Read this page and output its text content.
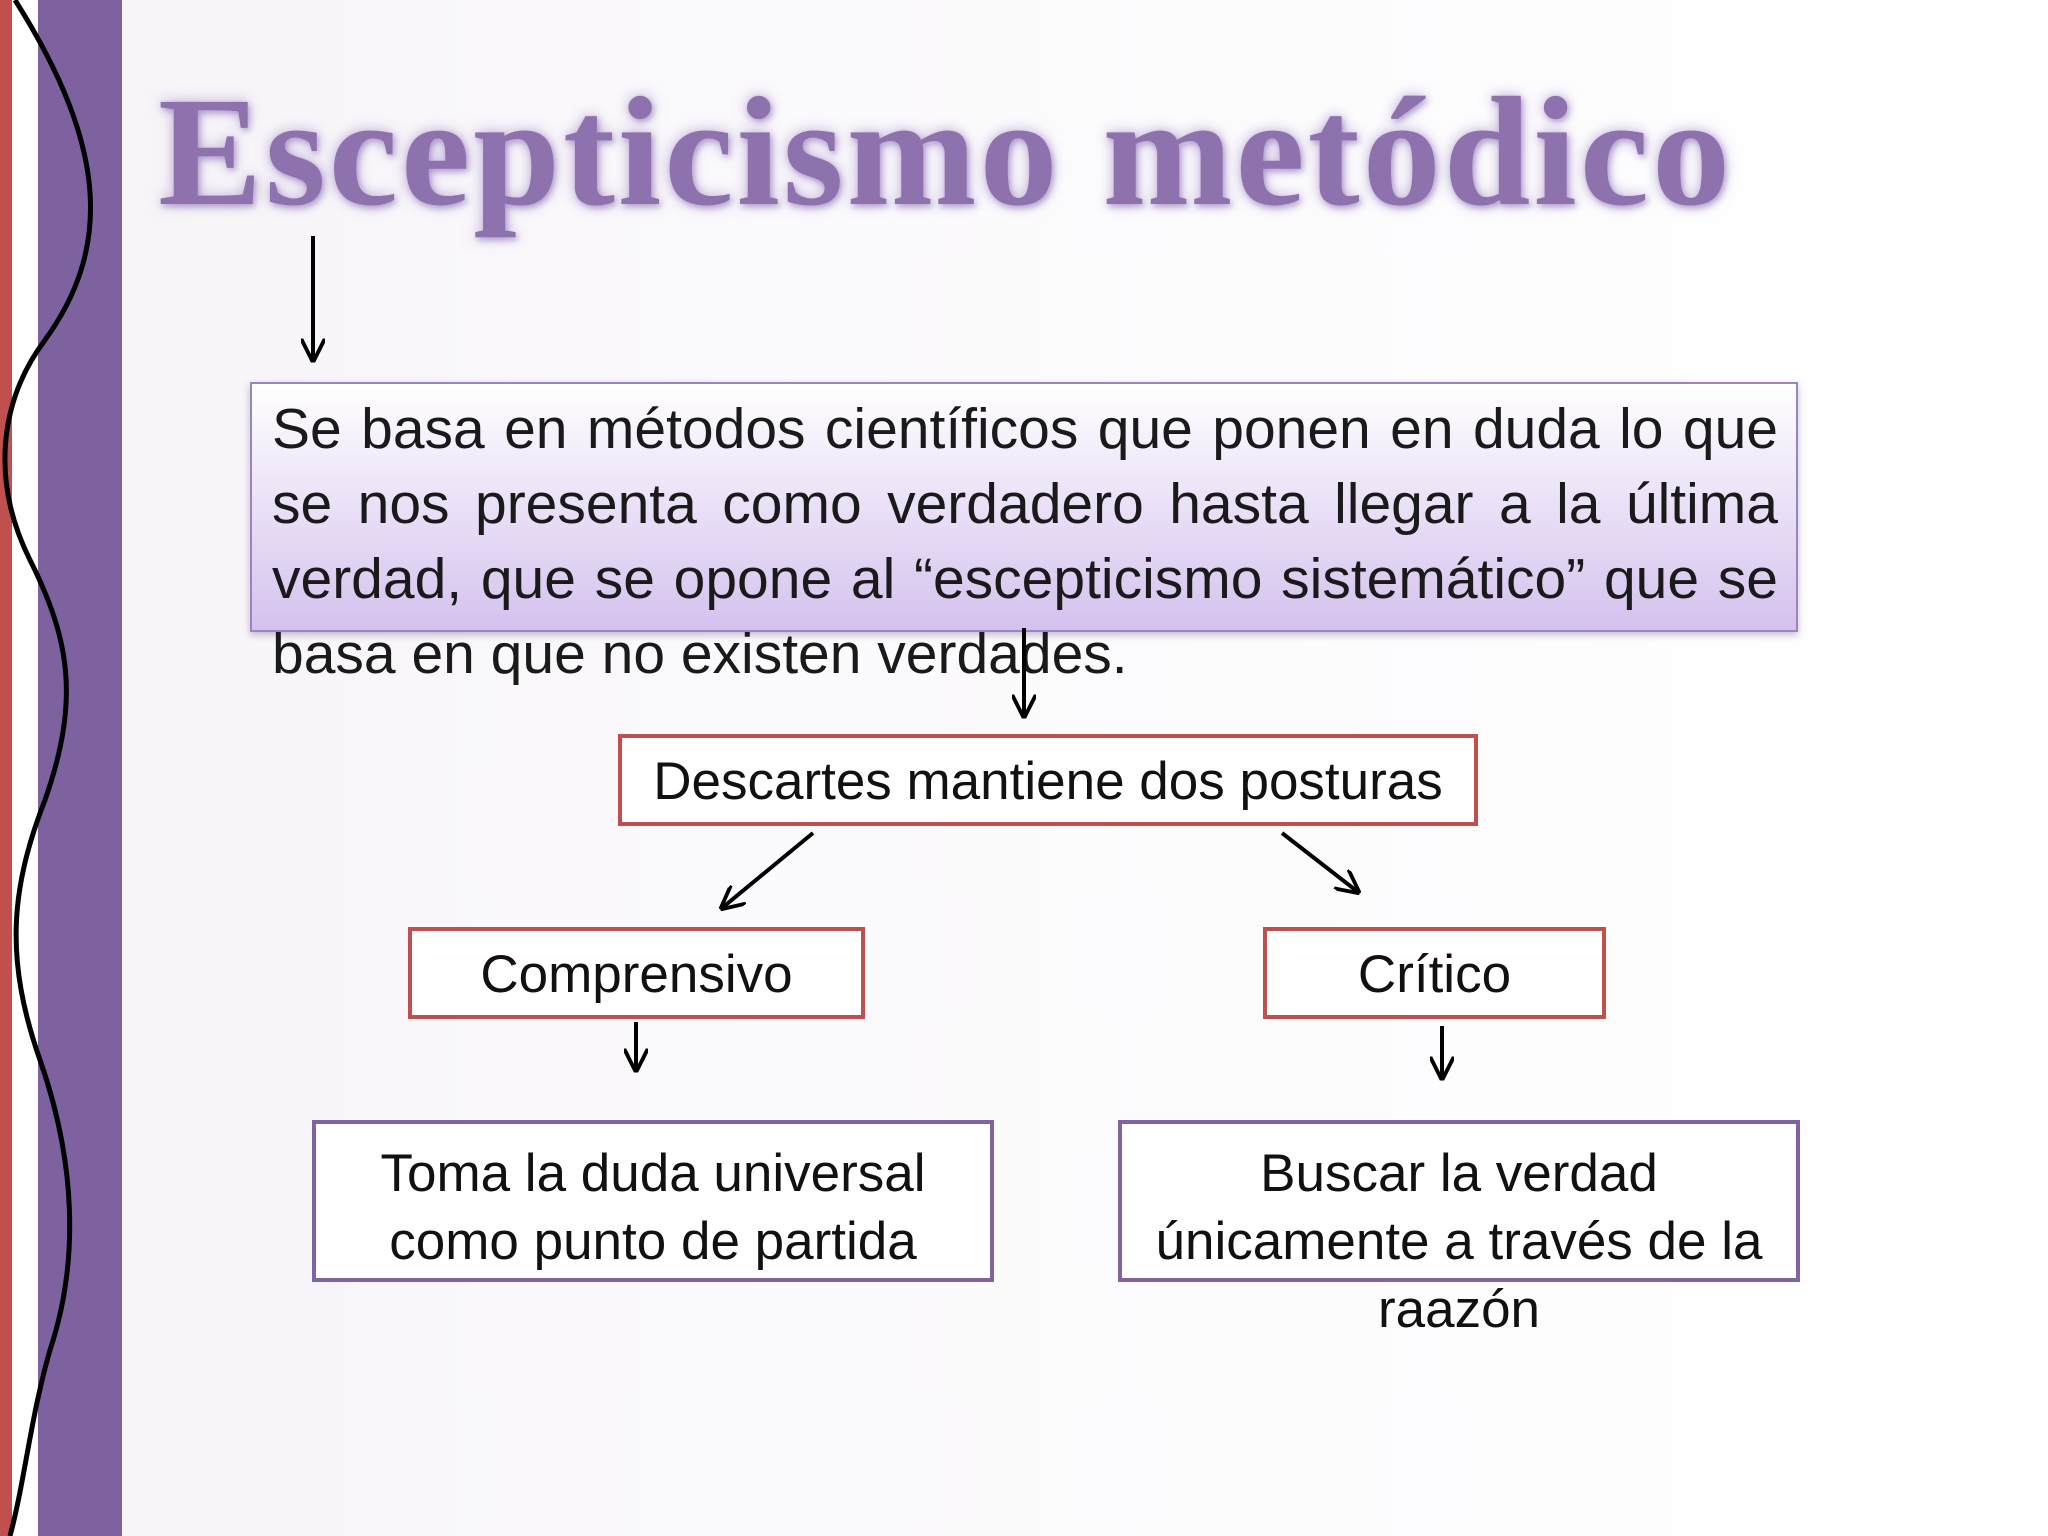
Escepticismo metódico

Se basa en métodos científicos que ponen en duda lo que se nos presenta como verdadero hasta llegar a la última verdad, que se opone al “escepticismo sistemático” que se basa en que no existen verdades.

Descartes mantiene dos posturas
Comprensivo	Crítico
Toma la duda universal como punto de partida
Buscar la verdad únicamente a través de la raazón
